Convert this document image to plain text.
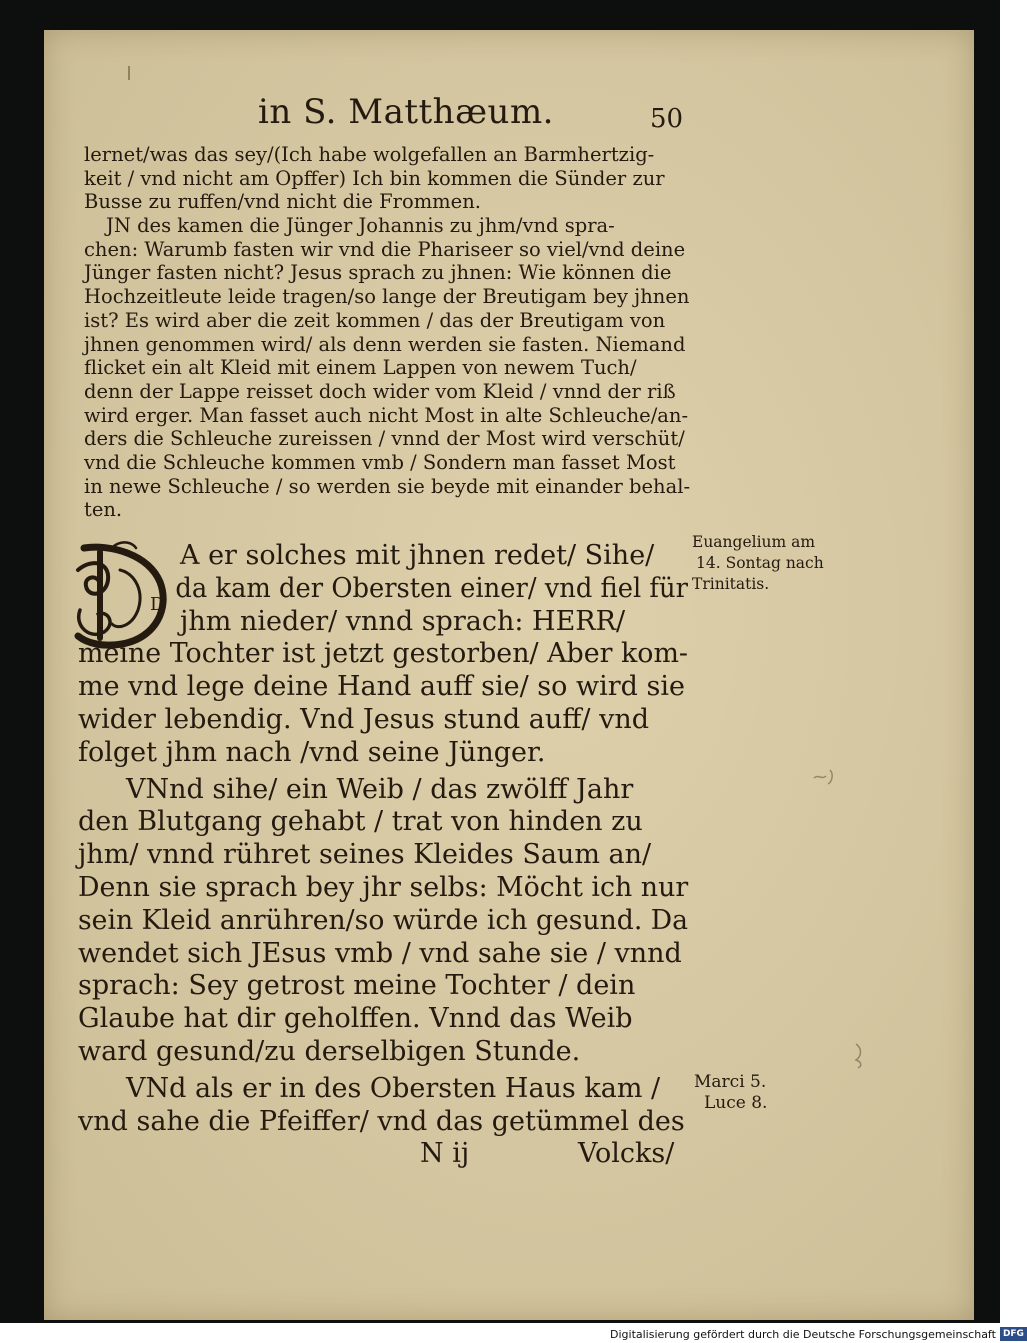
in S. Matthæum.	50
lernet/was das sey/(Ich habe wolgefallen an Barmhertzig-
keit / vnd nicht am Opffer) Ich bin kommen die Sünder zur
Busse zu ruffen/vnd nicht die Frommen.
JN des kamen die Jünger Johannis zu jhm/vnd spra-
chen: Warumb fasten wir vnd die Phariseer so viel/vnd deine
Jünger fasten nicht? Jesus sprach zu jhnen: Wie können die
Hochzeitleute leide tragen/so lange der Breutigam bey jhnen
ist? Es wird aber die zeit kommen / das der Breutigam von
jhnen genommen wird/ als denn werden sie fasten. Niemand
flicket ein alt Kleid mit einem Lappen von newem Tuch/
denn der Lappe reisset doch wider vom Kleid / vnnd der riß
wird erger. Man fasset auch nicht Most in alte Schleuche/an-
ders die Schleuche zureissen / vnnd der Most wird verschüt/
vnd die Schleuche kommen vmb / Sondern man fasset Most
in newe Schleuche / so werden sie beyde mit einander behal-
ten.
D
A er solches mit jhnen redet/ Sihe/
da kam der Obersten einer/ vnd fiel für
jhm nieder/ vnnd sprach: HERR/
meine Tochter ist jetzt gestorben/ Aber kom-
me vnd lege deine Hand auff sie/ so wird sie
wider lebendig. Vnd Jesus stund auff/ vnd
folget jhm nach /vnd seine Jünger.
VNnd sihe/ ein Weib / das zwölff Jahr
den Blutgang gehabt / trat von hinden zu
jhm/ vnnd rühret seines Kleides Saum an/
Denn sie sprach bey jhr selbs: Möcht ich nur
sein Kleid anrühren/so würde ich gesund. Da
wendet sich JEsus vmb / vnd sahe sie / vnnd
sprach: Sey getrost meine Tochter / dein
Glaube hat dir geholffen. Vnnd das Weib
ward gesund/zu derselbigen Stunde.
VNd als er in des Obersten Haus kam /
vnd sahe die Pfeiffer/ vnd das getümmel des
N ij	Volcks/
Euangelium am
14. Sontag nach
Trinitatis.
Marci 5.
Luce 8.
Digitalisierung gefördert durch die Deutsche Forschungsgemeinschaft DFG
